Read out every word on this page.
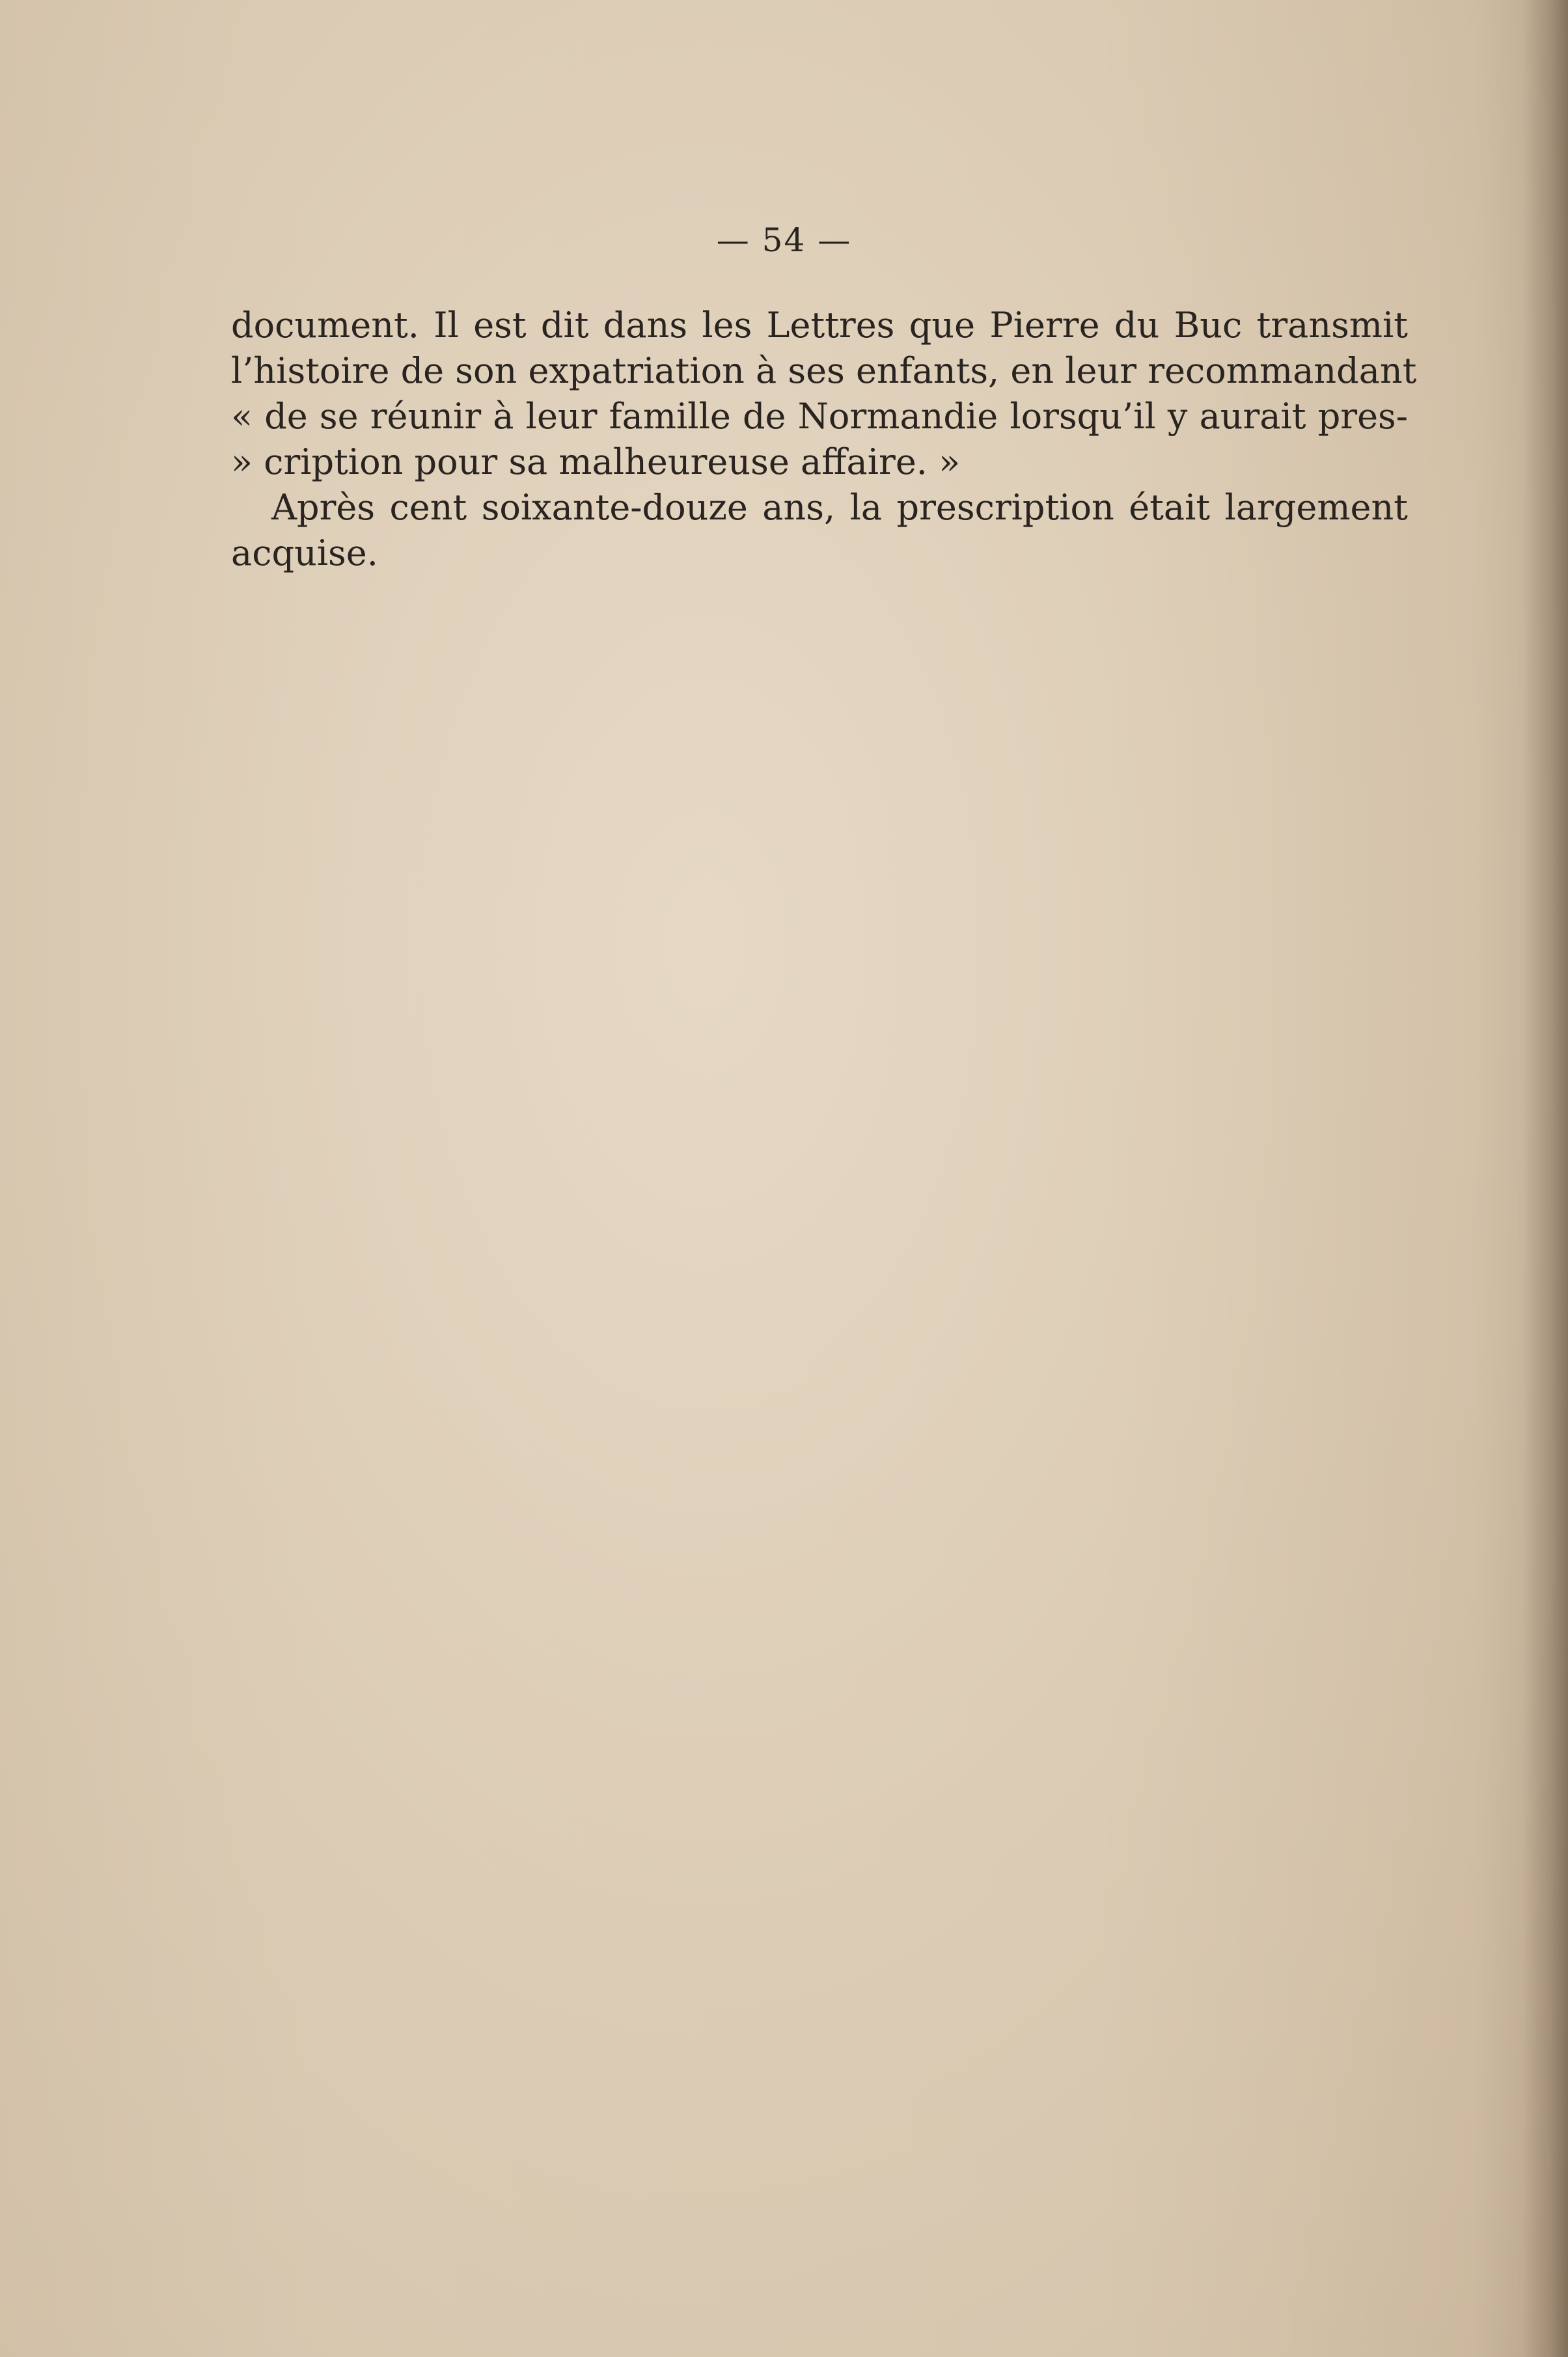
— 54 —
document. Il est dit dans les Lettres que Pierre du Buc transmit
l’histoire de son expatriation à ses enfants, en leur recommandant
« de se réunir à leur famille de Normandie lorsqu’il y aurait pres-
» cription pour sa malheureuse affaire. »
Après cent soixante-douze ans, la prescription était largement
acquise.
